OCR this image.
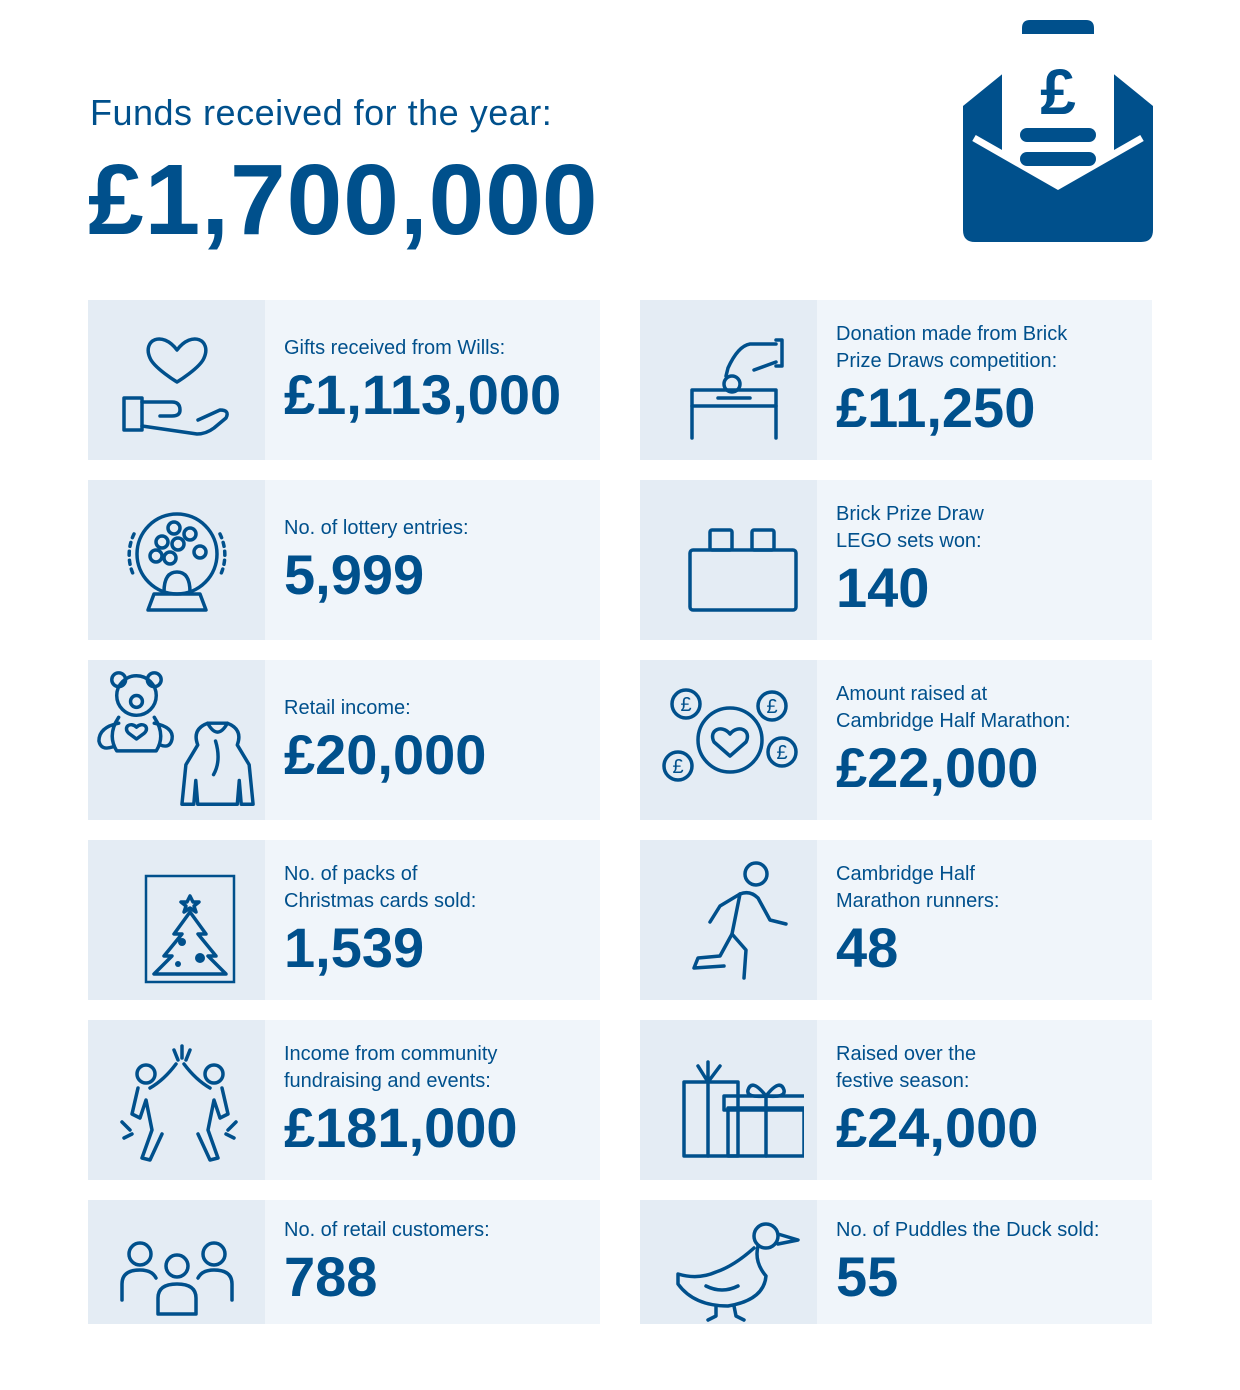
Funds received for the year:
£1,700,000
£
Gifts received from Wills:
£1,113,000
Donation made from Brick
Prize Draws competition:
£11,250
No. of lottery entries:
5,999
Brick Prize Draw
LEGO sets won:
140
Retail income:
£20,000
£	£
£
£
Amount raised at
Cambridge Half Marathon:
£22,000
No. of packs of
Christmas cards sold:
1,539
Cambridge Half
Marathon runners:
48
Income from community
fundraising and events:
£181,000
Raised over the
festive season:
£24,000
No. of retail customers:
788
No. of Puddles the Duck sold:
55
